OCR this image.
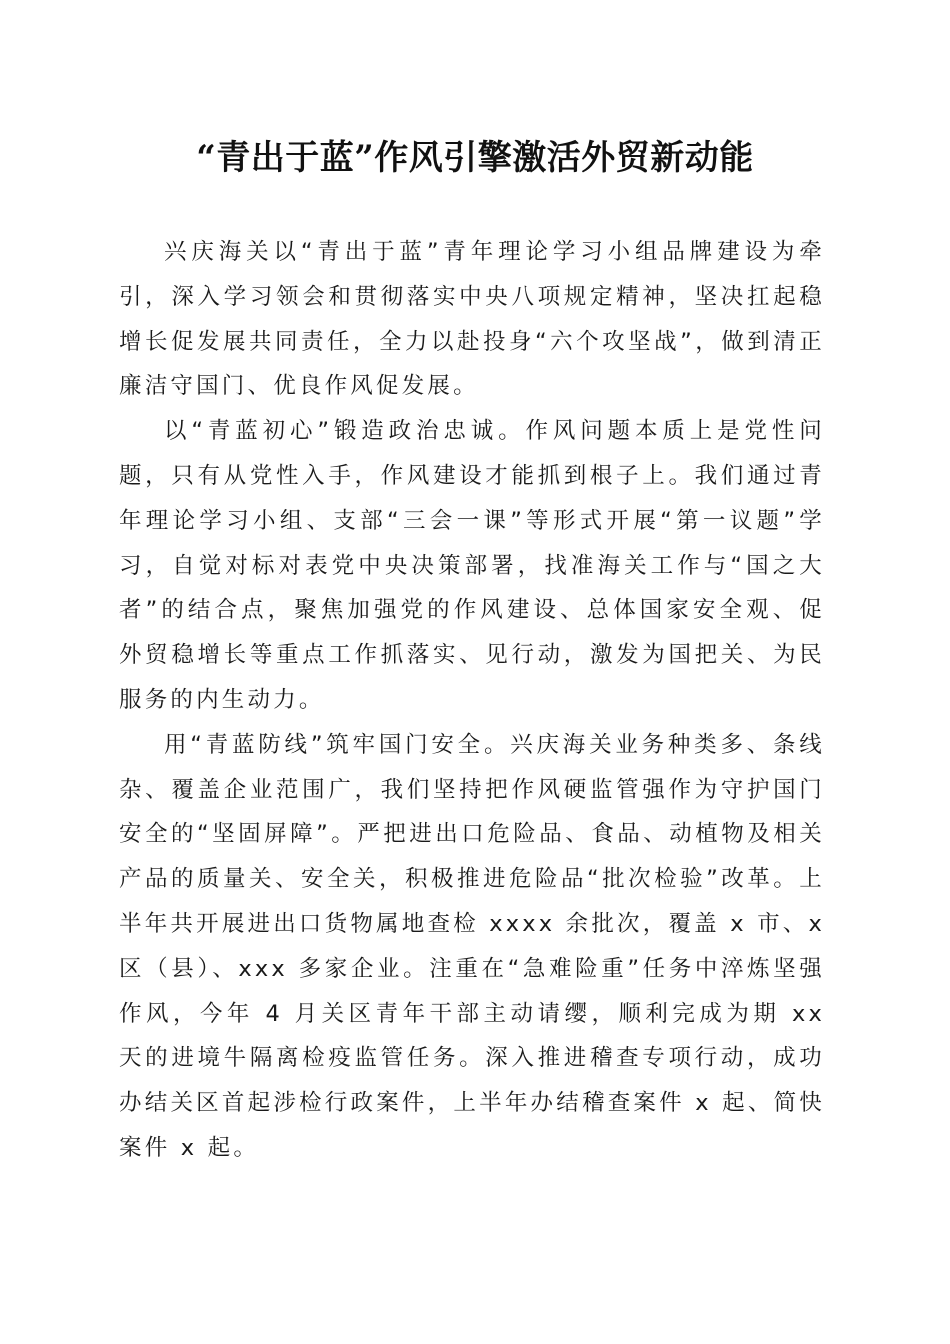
“青出于蓝”作风引擎激活外贸新动能

兴庆海关以“青出于蓝”青年理论学习小组品牌建设为牵引，深入学习领会和贯彻落实中央八项规定精神，坚决扛起稳增长促发展共同责任，全力以赴投身“六个攻坚战”，做到清正廉洁守国门、优良作风促发展。

以“青蓝初心”锻造政治忠诚。作风问题本质上是党性问题，只有从党性入手，作风建设才能抓到根子上。我们通过青年理论学习小组、支部“三会一课”等形式开展“第一议题”学习，自觉对标对表党中央决策部署，找准海关工作与“国之大者”的结合点，聚焦加强党的作风建设、总体国家安全观、促外贸稳增长等重点工作抓落实、见行动，激发为国把关、为民服务的内生动力。

用“青蓝防线”筑牢国门安全。兴庆海关业务种类多、条线杂、覆盖企业范围广，我们坚持把作风硬监管强作为守护国门安全的“坚固屏障”。严把进出口危险品、食品、动植物及相关产品的质量关、安全关，积极推进危险品“批次检验”改革。上半年共开展进出口货物属地查检 xxxx 余批次，覆盖 x 市、x 区（县）、xxx 多家企业。注重在“急难险重”任务中淬炼坚强作风，今年 4 月关区青年干部主动请缨，顺利完成为期 xx 天的进境牛隔离检疫监管任务。深入推进稽查专项行动，成功办结关区首起涉检行政案件，上半年办结稽查案件 x 起、简快案件 x 起。
